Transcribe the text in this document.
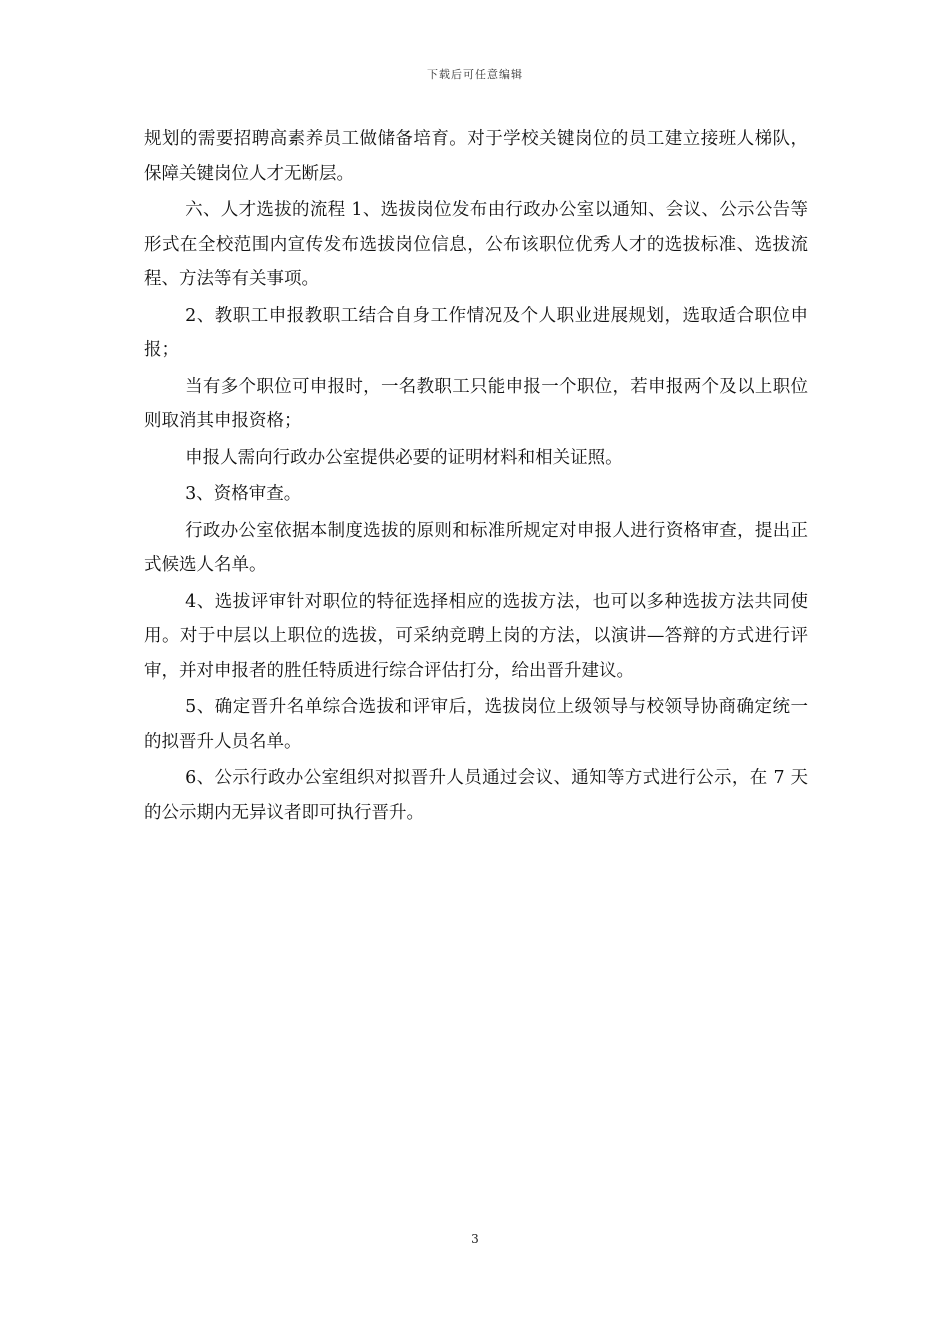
下载后可任意编辑

规划的需要招聘高素养员工做储备培育。对于学校关键岗位的员工建立接班人梯队，保障关键岗位人才无断层。

六、人才选拔的流程 1、选拔岗位发布由行政办公室以通知、会议、公示公告等形式在全校范围内宣传发布选拔岗位信息，公布该职位优秀人才的选拔标准、选拔流程、方法等有关事项。

2、教职工申报教职工结合自身工作情况及个人职业进展规划，选取适合职位申报；

当有多个职位可申报时，一名教职工只能申报一个职位，若申报两个及以上职位则取消其申报资格；

申报人需向行政办公室提供必要的证明材料和相关证照。

3、资格审查。

行政办公室依据本制度选拔的原则和标准所规定对申报人进行资格审查，提出正式候选人名单。

4、选拔评审针对职位的特征选择相应的选拔方法，也可以多种选拔方法共同使用。对于中层以上职位的选拔，可采纳竞聘上岗的方法，以演讲—答辩的方式进行评审，并对申报者的胜任特质进行综合评估打分，给出晋升建议。

5、确定晋升名单综合选拔和评审后，选拔岗位上级领导与校领导协商确定统一的拟晋升人员名单。

6、公示行政办公室组织对拟晋升人员通过会议、通知等方式进行公示，在 7 天的公示期内无异议者即可执行晋升。

3
